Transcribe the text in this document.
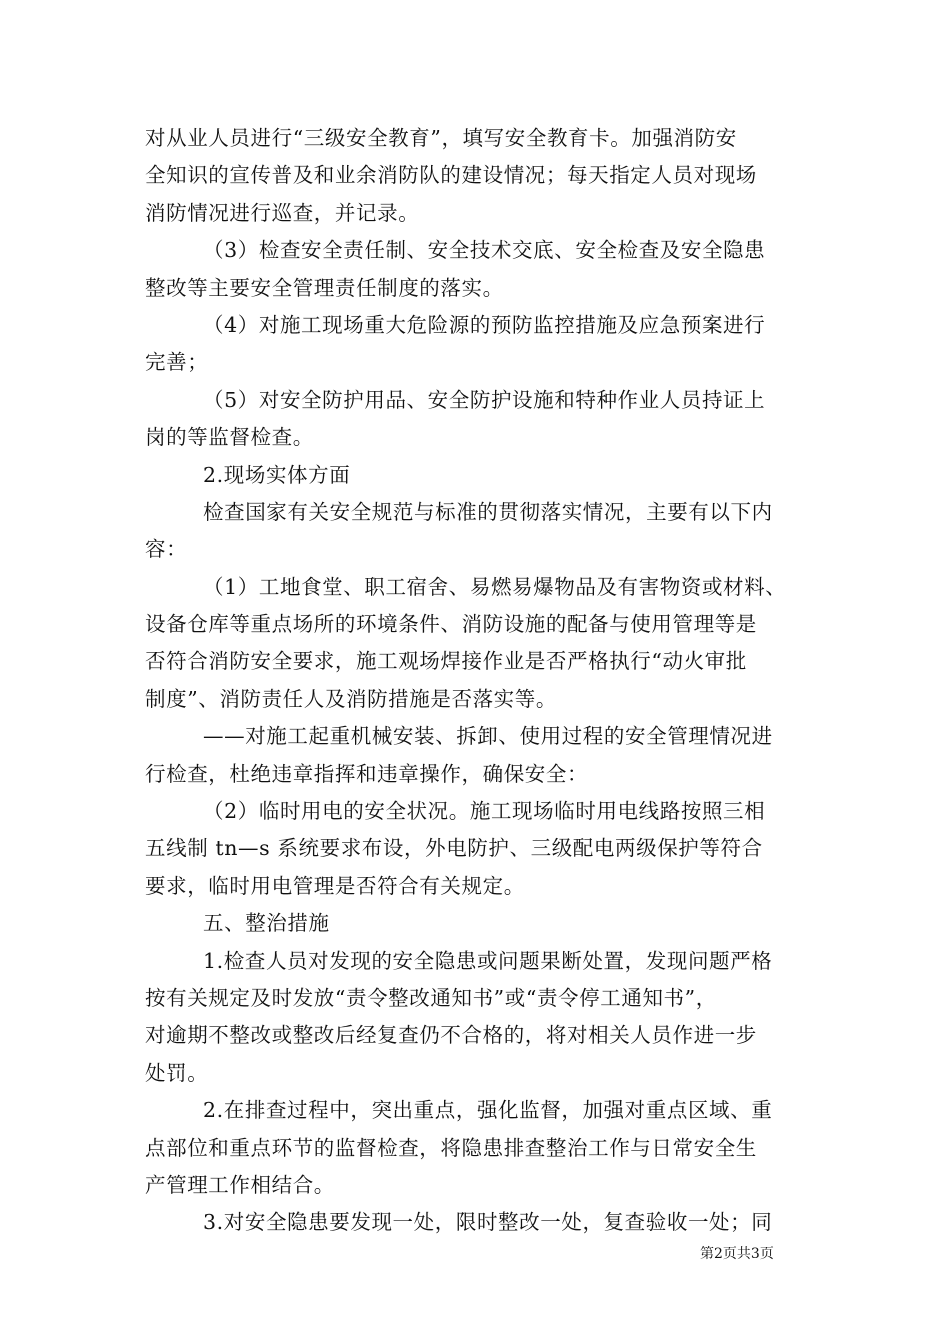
对从业人员进行“三级安全教育”，填写安全教育卡。加强消防安
全知识的宣传普及和业余消防队的建设情况；每天指定人员对现场
消防情况进行巡查，并记录。
（3）检查安全责任制、安全技术交底、安全检查及安全隐患
整改等主要安全管理责任制度的落实。
（4）对施工现场重大危险源的预防监控措施及应急预案进行
完善；
（5）对安全防护用品、安全防护设施和特种作业人员持证上
岗的等监督检查。
2.现场实体方面
检查国家有关安全规范与标准的贯彻落实情况，主要有以下内
容：
（1）工地食堂、职工宿舍、易燃易爆物品及有害物资或材料、
设备仓库等重点场所的环境条件、消防设施的配备与使用管理等是
否符合消防安全要求，施工观场焊接作业是否严格执行“动火审批
制度”、消防责任人及消防措施是否落实等。
——对施工起重机械安装、拆卸、使用过程的安全管理情况进
行检查，杜绝违章指挥和违章操作，确保安全：
（2）临时用电的安全状况。施工现场临时用电线路按照三相
五线制 tn—s 系统要求布设，外电防护、三级配电两级保护等符合
要求，临时用电管理是否符合有关规定。
五、整治措施
1.检查人员对发现的安全隐患或问题果断处置，发现问题严格
按有关规定及时发放“责令整改通知书”或“责令停工通知书”，
对逾期不整改或整改后经复查仍不合格的，将对相关人员作进一步
处罚。
2.在排查过程中，突出重点，强化监督，加强对重点区域、重
点部位和重点环节的监督检查，将隐患排查整治工作与日常安全生
产管理工作相结合。
3.对安全隐患要发现一处，限时整改一处，复查验收一处；同
第2页共3页
